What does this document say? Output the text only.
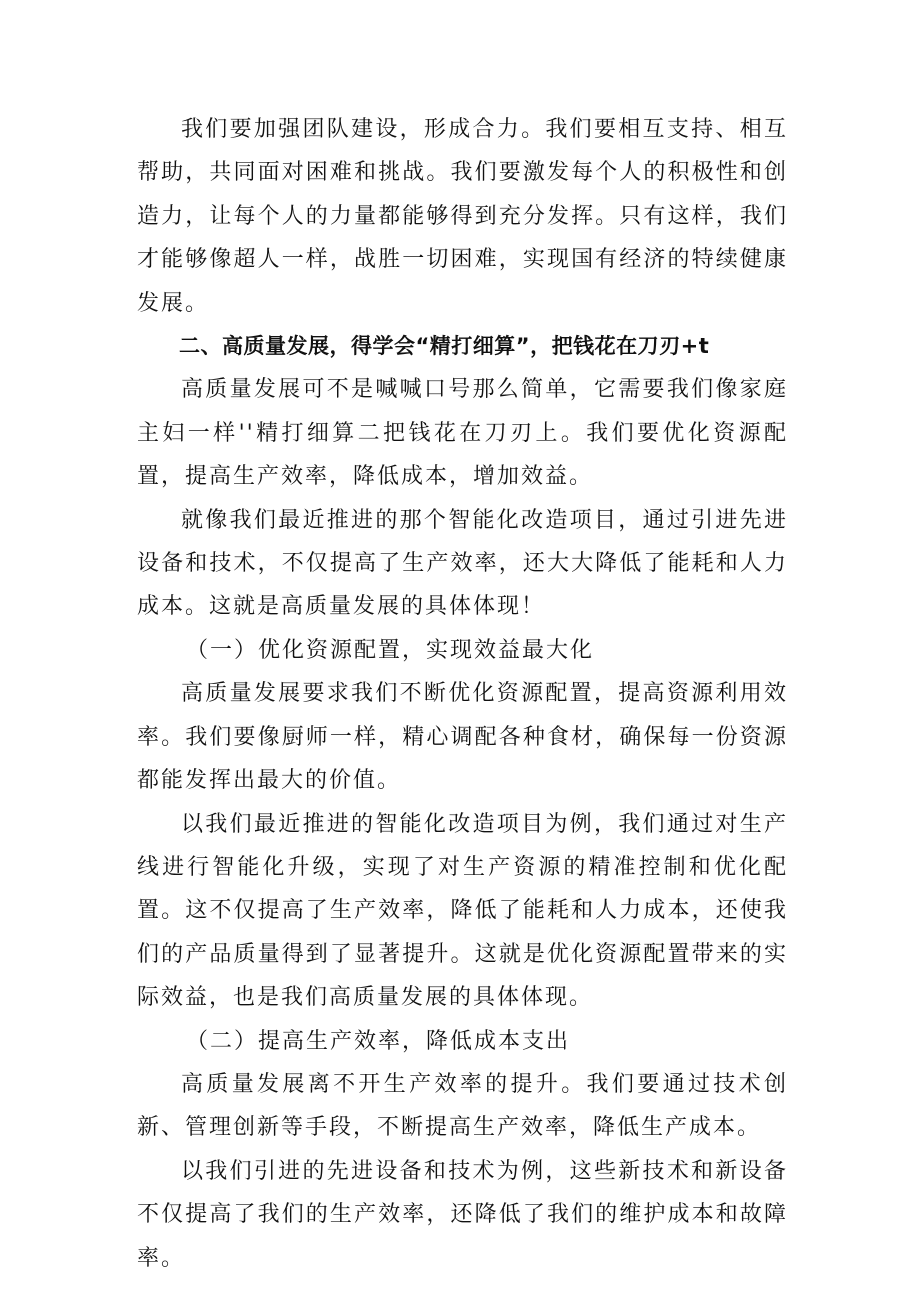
我们要加强团队建设，形成合力。我们要相互支持、相互帮助，共同面对困难和挑战。我们要激发每个人的积极性和创造力，让每个人的力量都能够得到充分发挥。只有这样，我们才能够像超人一样，战胜一切困难，实现国有经济的特续健康发展。

二、高质量发展，得学会“精打细算”，把钱花在刀刃+t

高质量发展可不是喊喊口号那么简单，它需要我们像家庭主妇一样''精打细算二把钱花在刀刃上。我们要优化资源配置，提高生产效率，降低成本，增加效益。

就像我们最近推进的那个智能化改造项目，通过引进先进设备和技术，不仅提高了生产效率，还大大降低了能耗和人力成本。这就是高质量发展的具体体现！

（一）优化资源配置，实现效益最大化

高质量发展要求我们不断优化资源配置，提高资源利用效率。我们要像厨师一样，精心调配各种食材，确保每一份资源都能发挥出最大的价值。

以我们最近推进的智能化改造项目为例，我们通过对生产线进行智能化升级，实现了对生产资源的精准控制和优化配置。这不仅提高了生产效率，降低了能耗和人力成本，还使我们的产品质量得到了显著提升。这就是优化资源配置带来的实际效益，也是我们高质量发展的具体体现。

（二）提高生产效率，降低成本支出

高质量发展离不开生产效率的提升。我们要通过技术创新、管理创新等手段，不断提高生产效率，降低生产成本。

以我们引进的先进设备和技术为例，这些新技术和新设备不仅提高了我们的生产效率，还降低了我们的维护成本和故障率。
